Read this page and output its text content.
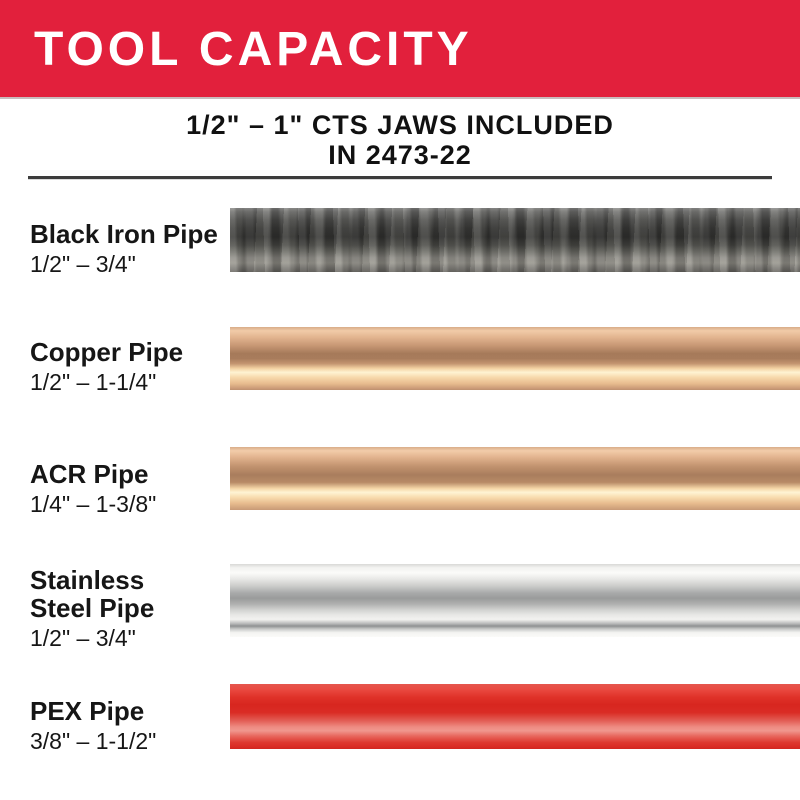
TOOL CAPACITY
1/2" – 1" CTS JAWS INCLUDED
IN 2473-22
Black Iron Pipe
1/2" – 3/4"
Copper Pipe
1/2" – 1-1/4"
ACR Pipe
1/4" – 1-3/8"
Stainless
Steel Pipe
1/2" – 3/4"
PEX Pipe
3/8" – 1-1/2"
